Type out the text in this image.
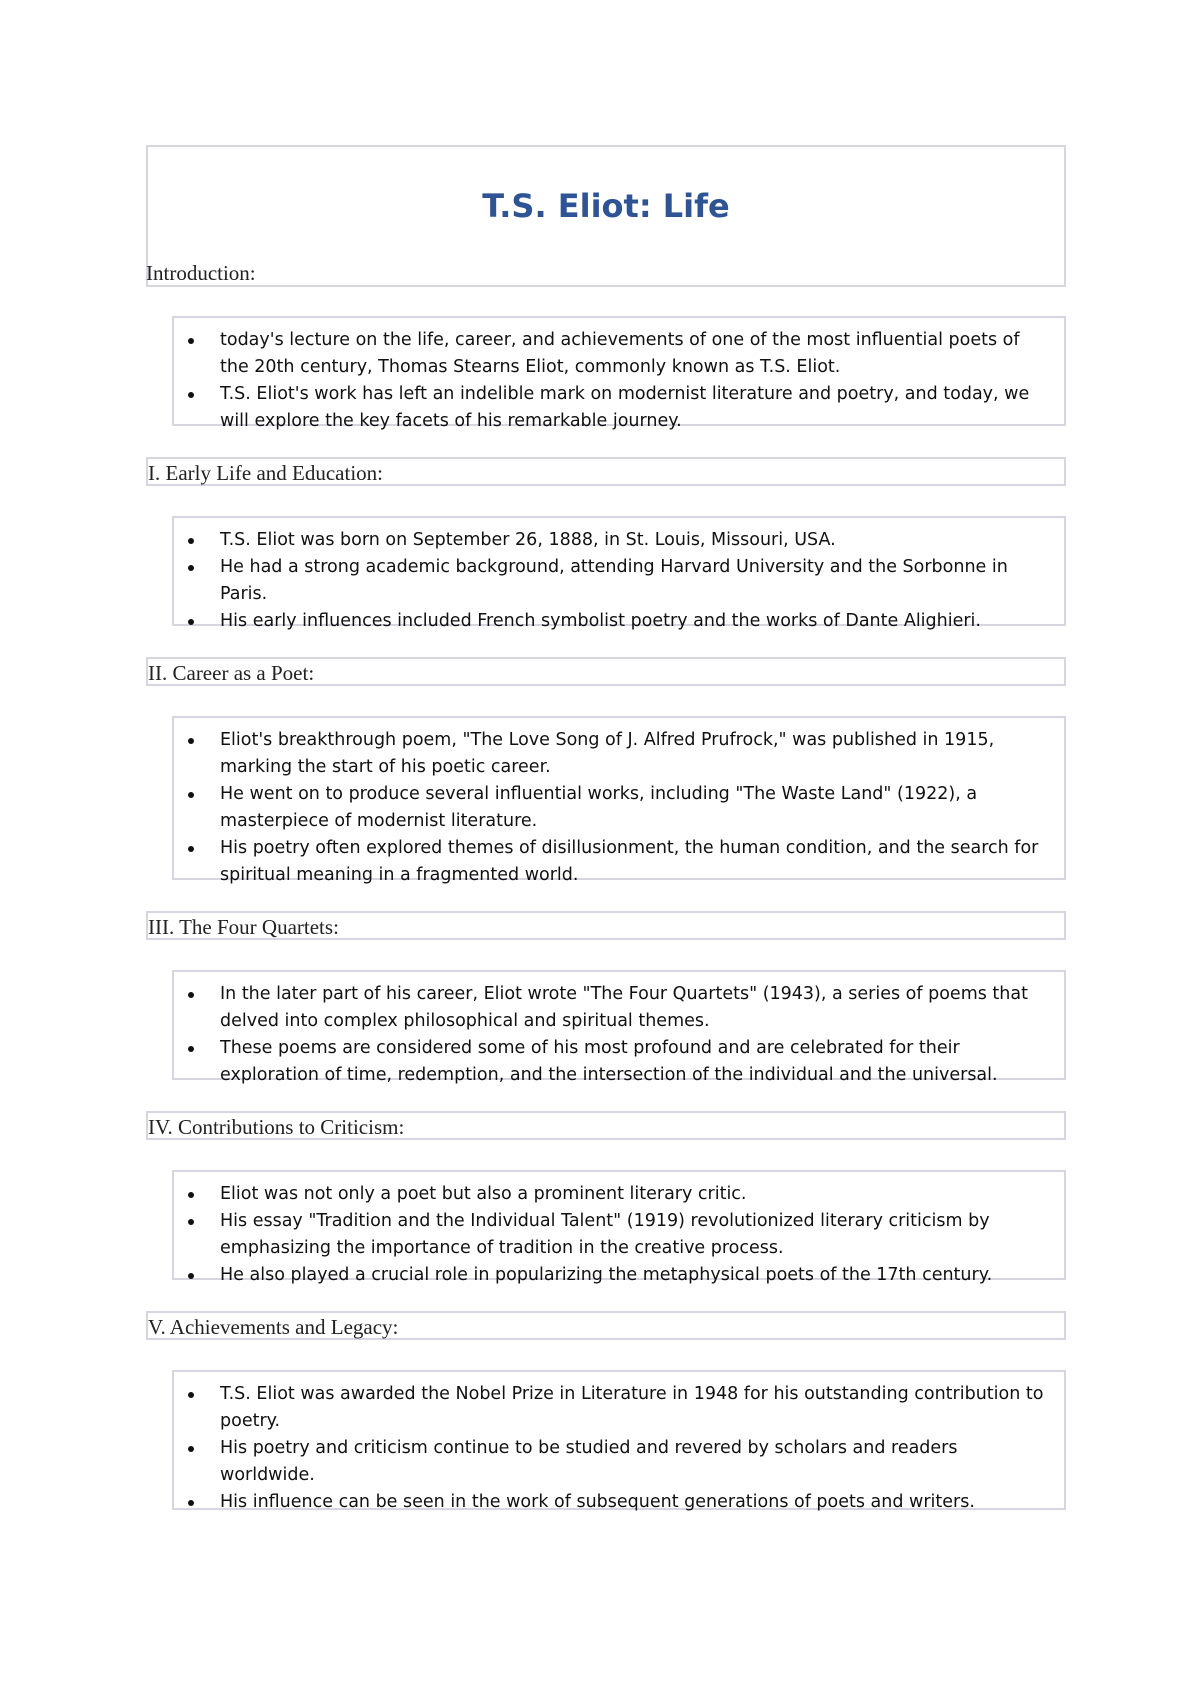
T.S. Eliot: Life
Introduction:
today's lecture on the life, career, and achievements of one of the most influential poets of the 20th century, Thomas Stearns Eliot, commonly known as T.S. Eliot.
T.S. Eliot's work has left an indelible mark on modernist literature and poetry, and today, we will explore the key facets of his remarkable journey.
I. Early Life and Education:
T.S. Eliot was born on September 26, 1888, in St. Louis, Missouri, USA.
He had a strong academic background, attending Harvard University and the Sorbonne in Paris.
His early influences included French symbolist poetry and the works of Dante Alighieri.
II. Career as a Poet:
Eliot's breakthrough poem, "The Love Song of J. Alfred Prufrock," was published in 1915, marking the start of his poetic career.
He went on to produce several influential works, including "The Waste Land" (1922), a masterpiece of modernist literature.
His poetry often explored themes of disillusionment, the human condition, and the search for spiritual meaning in a fragmented world.
III. The Four Quartets:
In the later part of his career, Eliot wrote "The Four Quartets" (1943), a series of poems that delved into complex philosophical and spiritual themes.
These poems are considered some of his most profound and are celebrated for their exploration of time, redemption, and the intersection of the individual and the universal.
IV. Contributions to Criticism:
Eliot was not only a poet but also a prominent literary critic.
His essay "Tradition and the Individual Talent" (1919) revolutionized literary criticism by emphasizing the importance of tradition in the creative process.
He also played a crucial role in popularizing the metaphysical poets of the 17th century.
V. Achievements and Legacy:
T.S. Eliot was awarded the Nobel Prize in Literature in 1948 for his outstanding contribution to poetry.
His poetry and criticism continue to be studied and revered by scholars and readers worldwide.
His influence can be seen in the work of subsequent generations of poets and writers.
